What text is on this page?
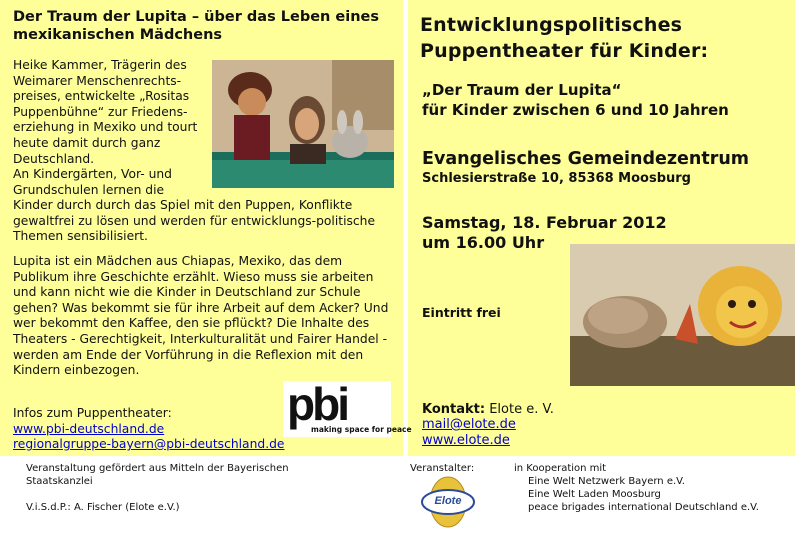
Der Traum der Lupita – über das Leben eines mexikanischen Mädchens
Heike Kammer, Trägerin des
Weimarer Menschenrechts-
preises, entwickelte „Rositas
Puppenbühne“ zur Friedens-
erziehung in Mexiko und tourt
heute damit durch ganz
Deutschland.
An Kindergärten, Vor- und
Grundschulen lernen die
Kinder durch durch das Spiel mit den Puppen, Konflikte gewaltfrei zu lösen und werden für entwicklungs-politische Themen sensibilisiert.
Lupita ist ein Mädchen aus Chiapas, Mexiko, das dem Publikum ihre Geschichte erzählt. Wieso muss sie arbeiten und kann nicht wie die Kinder in Deutschland zur Schule gehen? Was bekommt sie für ihre Arbeit auf dem Acker? Und wer bekommt den Kaffee, den sie pflückt? Die Inhalte des Theaters - Gerechtigkeit, Interkulturalität und Fairer Handel - werden am Ende der Vorführung in die Reflexion mit den Kindern einbezogen.
Infos zum Puppentheater:
www.pbi-deutschland.de
regionalgruppe-bayern@pbi-deutschland.de
pbi
making space for peace
Entwicklungspolitisches
Puppentheater für Kinder:
„Der Traum der Lupita“
für Kinder zwischen 6 und 10 Jahren
Evangelisches Gemeindezentrum
Schlesierstraße 10, 85368 Moosburg
Samstag, 18. Februar 2012
um 16.00 Uhr
Eintritt frei
Kontakt: Elote e. V.
mail@elote.de
www.elote.de
Veranstaltung gefördert aus Mitteln der Bayerischen
Staatskanzlei
V.i.S.d.P.: A. Fischer (Elote e.V.)
Veranstalter:
Elote
in Kooperation mit
Eine Welt Netzwerk Bayern e.V.
Eine Welt Laden Moosburg
peace brigades international Deutschland e.V.
